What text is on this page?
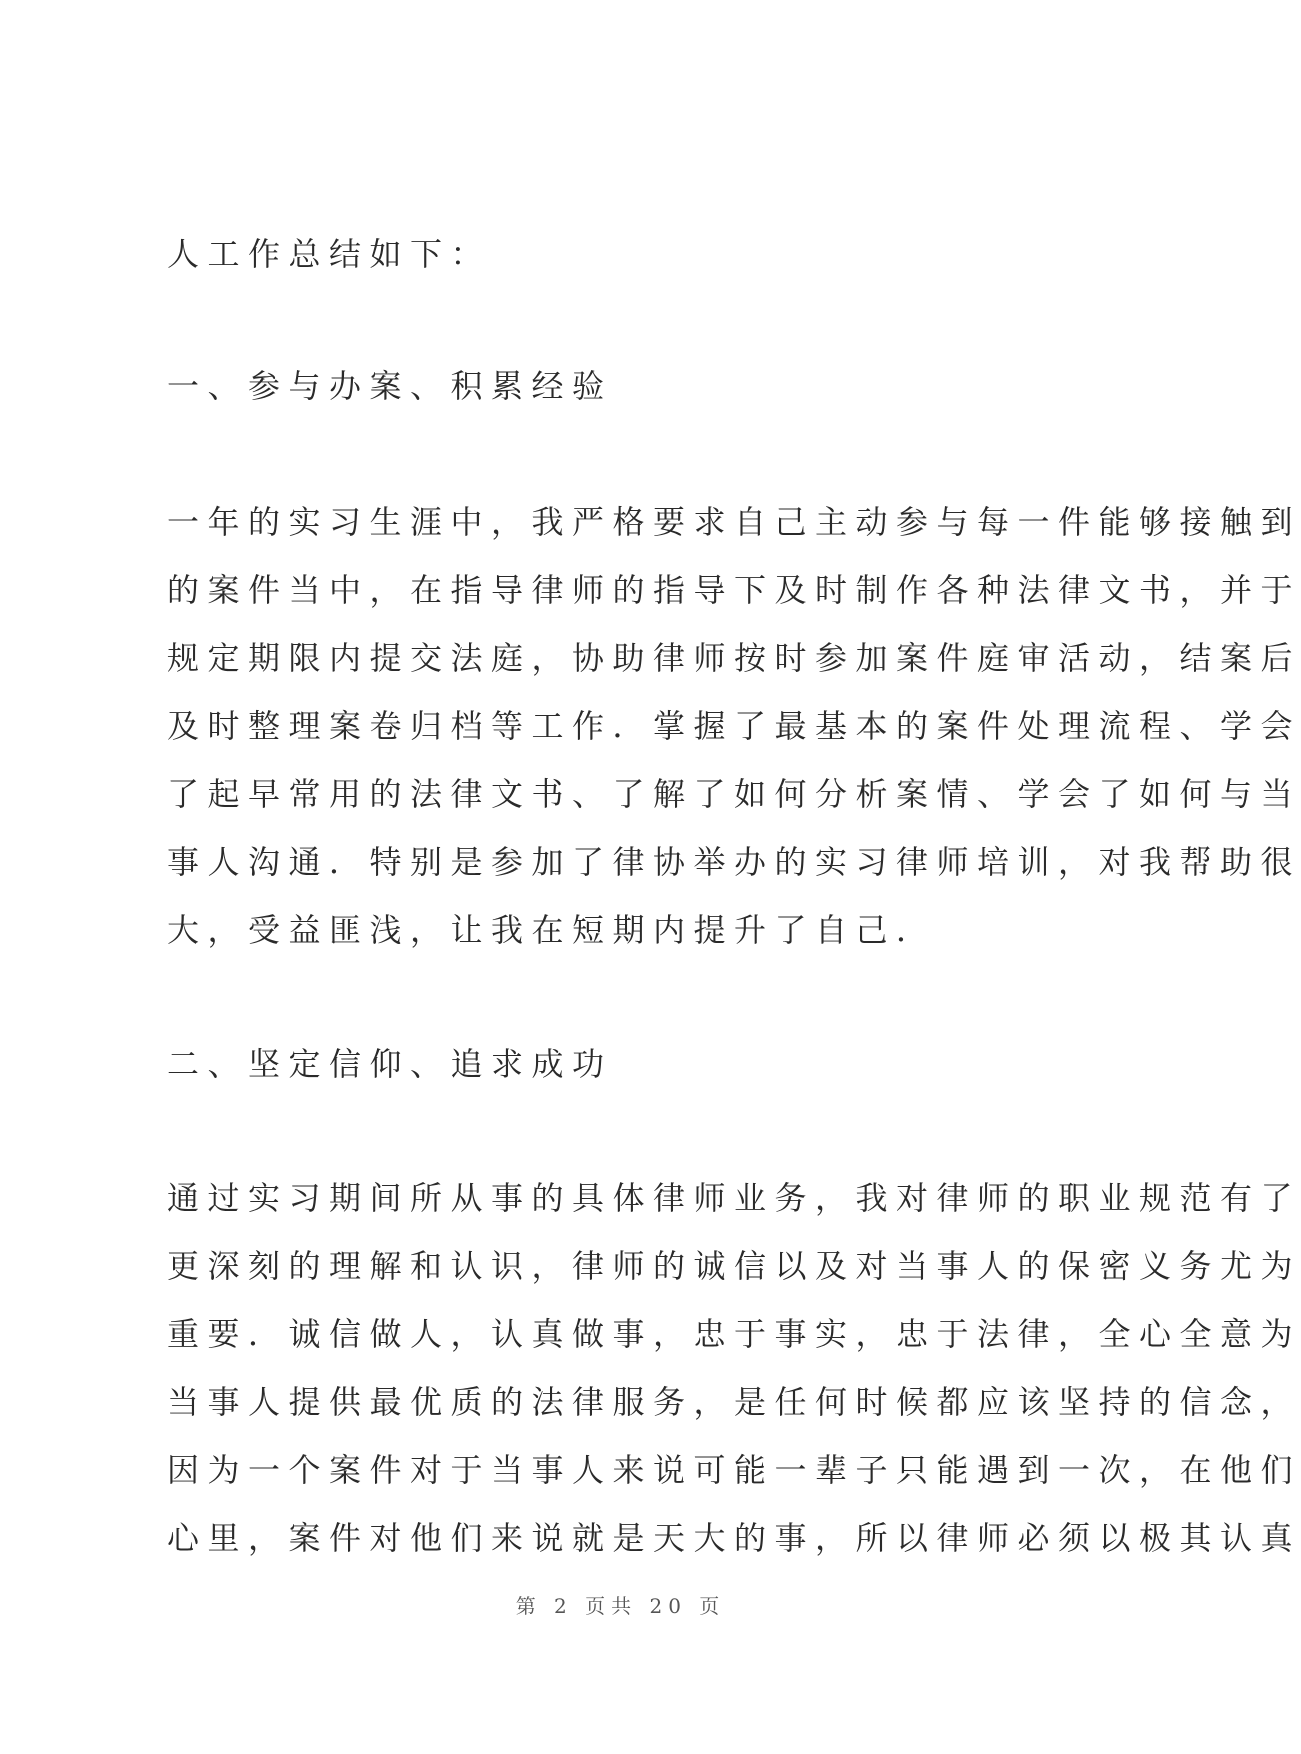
人工作总结如下：
一、参与办案、积累经验
一年的实习生涯中，我严格要求自己主动参与每一件能够接触到
的案件当中，在指导律师的指导下及时制作各种法律文书，并于
规定期限内提交法庭，协助律师按时参加案件庭审活动，结案后
及时整理案卷归档等工作．掌握了最基本的案件处理流程、学会
了起早常用的法律文书、了解了如何分析案情、学会了如何与当
事人沟通．特别是参加了律协举办的实习律师培训，对我帮助很
大，受益匪浅，让我在短期内提升了自己．
二、坚定信仰、追求成功
通过实习期间所从事的具体律师业务，我对律师的职业规范有了
更深刻的理解和认识，律师的诚信以及对当事人的保密义务尤为
重要．诚信做人，认真做事，忠于事实，忠于法律，全心全意为
当事人提供最优质的法律服务，是任何时候都应该坚持的信念，
因为一个案件对于当事人来说可能一辈子只能遇到一次，在他们
心里，案件对他们来说就是天大的事，所以律师必须以极其认真
第 2 页共 20 页
